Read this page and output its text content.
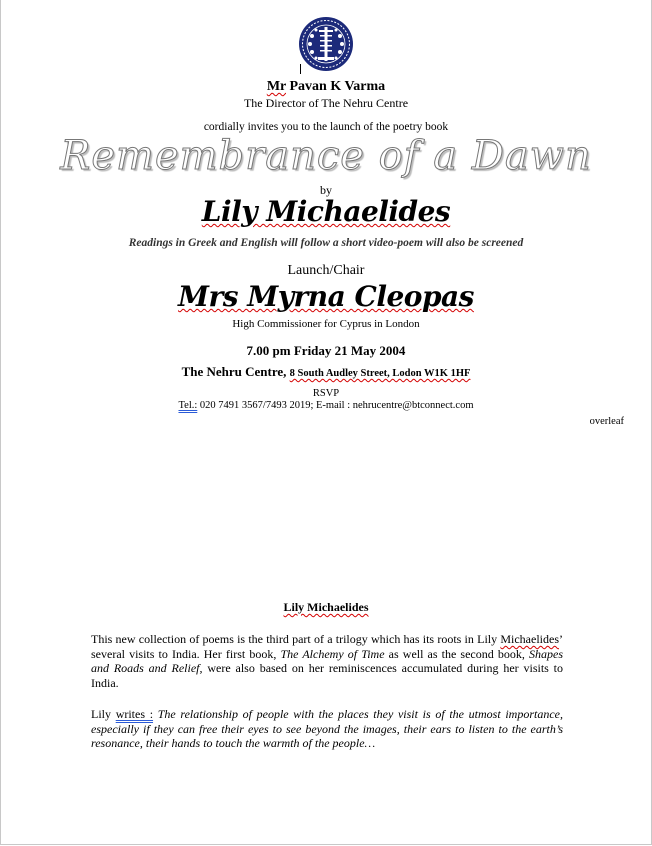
Mr Pavan K Varma
The Director of The Nehru Centre
cordially invites you to the launch of the poetry book
Remembrance of a Dawn
by
Lily Michaelides
Readings in Greek and English will follow a short video-poem will also be screened
Launch/Chair
Mrs Myrna Cleopas
High Commissioner for Cyprus in London
7.00 pm Friday 21 May 2004
The Nehru Centre, 8 South Audley Street, Lodon W1K 1HF
RSVP
Tel.: 020 7491 3567/7493 2019; E-mail : nehrucentre@btconnect.com
overleaf
Lily Michaelides
This new collection of poems is the third part of a trilogy which has its roots in Lily Michaelides’ several visits to India. Her first book, The Alchemy of Time as well as the second book, Shapes and Roads and Relief, were also based on her reminiscences accumulated during her visits to India.
Lily writes : The relationship of people with the places they visit is of the utmost importance, especially if they can free their eyes to see beyond the images, their ears to listen to the earth’s resonance, their hands to touch the warmth of the people…
